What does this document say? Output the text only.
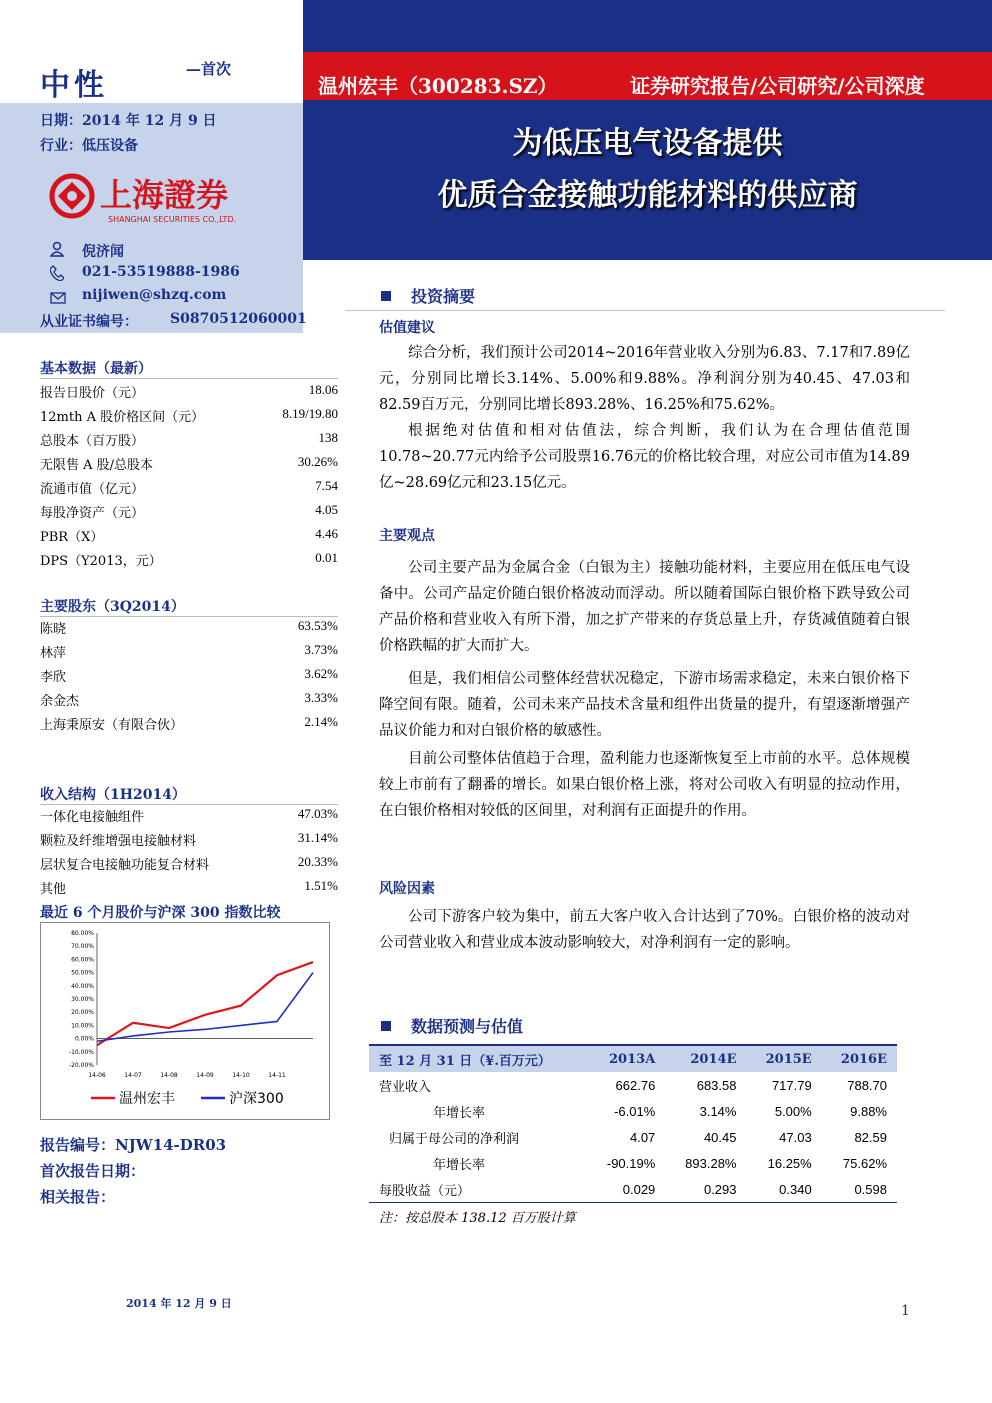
中性	—首次
温州宏丰（300283.SZ）	证券研究报告/公司研究/公司深度
为低压电气设备提供
优质合金接触功能材料的供应商
日期：2014 年 12 月 9 日
行业：低压设备
上海證券
SHANGHAI SECURITIES CO.,LTD.
倪济闻
021-53519888-1986
nijiwen@shzq.com
从业证书编号： S0870512060001
基本数据（最新）
报告日股价（元）	18.06
12mth A 股价格区间（元）	8.19/19.80
总股本（百万股）	138
无限售 A 股/总股本	30.26%
流通市值（亿元）	7.54
每股净资产（元）	4.05
PBR（X）	4.46
DPS（Y2013，元）	0.01
主要股东（3Q2014）
陈晓	63.53%
林萍	3.73%
李欣	3.62%
余金杰	3.33%
上海秉原安（有限合伙）	2.14%
收入结构（1H2014）
一体化电接触组件	47.03%
颗粒及纤维增强电接触材料	31.14%
层状复合电接触功能复合材料	20.33%
其他	1.51%
最近 6 个月股价与沪深 300 指数比较
80.00%
70.00%
60.00%
50.00%
40.00%
30.00%
20.00%
10.00%
0.00%
-10.00%
-20.00%
14-06	14-07	14-08	14-09	14-10	14-11
温州宏丰	沪深300
报告编号：NJW14-DR03
首次报告日期：
相关报告：
投资摘要
估值建议
综合分析，我们预计公司2014~2016年营业收入分别为6.83、7.17和7.89亿元，分别同比增长3.14%、5.00%和9.88%。净利润分别为40.45、47.03和82.59百万元，分别同比增长893.28%、16.25%和75.62%。
根据绝对估值和相对估值法，综合判断，我们认为在合理估值范围10.78~20.77元内给予公司股票16.76元的价格比较合理，对应公司市值为14.89亿~28.69亿元和23.15亿元。
主要观点
公司主要产品为金属合金（白银为主）接触功能材料，主要应用在低压电气设备中。公司产品定价随白银价格波动而浮动。所以随着国际白银价格下跌导致公司产品价格和营业收入有所下滑，加之扩产带来的存货总量上升，存货减值随着白银价格跌幅的扩大而扩大。
但是，我们相信公司整体经营状况稳定，下游市场需求稳定，未来白银价格下降空间有限。随着，公司未来产品技术含量和组件出货量的提升，有望逐渐增强产品议价能力和对白银价格的敏感性。
目前公司整体估值趋于合理，盈利能力也逐渐恢复至上市前的水平。总体规模较上市前有了翻番的增长。如果白银价格上涨，将对公司收入有明显的拉动作用，在白银价格相对较低的区间里，对利润有正面提升的作用。
风险因素
公司下游客户较为集中，前五大客户收入合计达到了70%。白银价格的波动对公司营业收入和营业成本波动影响较大，对净利润有一定的影响。
数据预测与估值
至 12 月 31 日（¥.百万元）	2013A	2014E	2015E	2016E
营业收入	662.76	683.58	717.79	788.70
年增长率	-6.01%	3.14%	5.00%	9.88%
归属于母公司的净利润	4.07	40.45	47.03	82.59
年增长率	-90.19%	893.28%	16.25%	75.62%
每股收益（元）	0.029	0.293	0.340	0.598
注：按总股本 138.12 百万股计算
2014 年 12 月 9 日	1
